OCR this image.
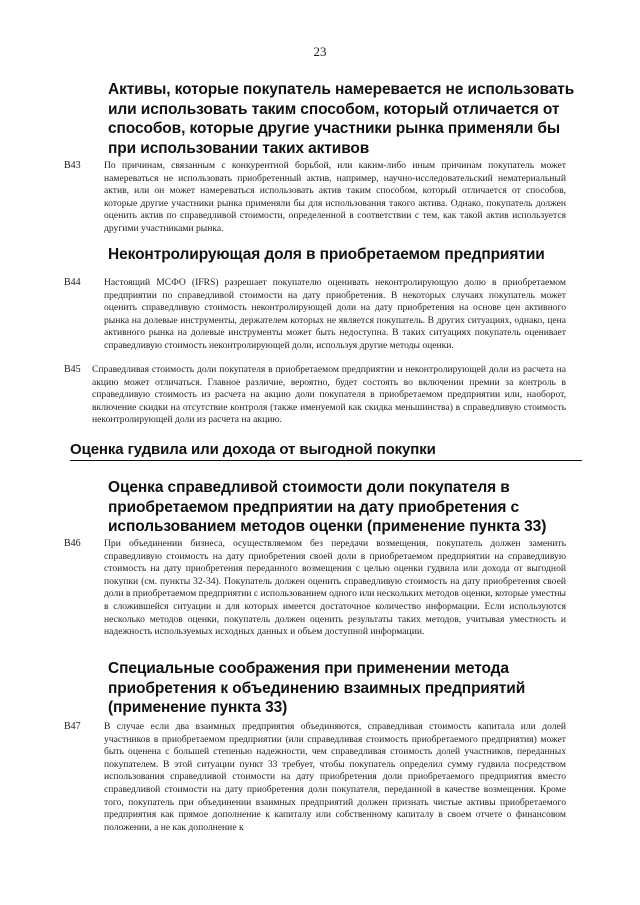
23
Активы, которые покупатель намеревается не использовать или использовать таким способом, который отличается от способов, которые другие участники рынка применяли бы при использовании таких активов
B43 По причинам, связанным с конкурентной борьбой, или каким-либо иным причинам покупатель может намереваться не использовать приобретенный актив, например, научно-исследовательский нематериальный актив, или он может намереваться использовать актив таким способом, который отличается от способов, которые другие участники рынка применяли бы для использования такого актива. Однако, покупатель должен оценить актив по справедливой стоимости, определенной в соответствии с тем, как такой актив используется другими участниками рынка.

Неконтролирующая доля в приобретаемом предприятии
B44 Настоящий МСФО (IFRS) разрешает покупателю оценивать неконтролирующую долю в приобретаемом предприятии по справедливой стоимости на дату приобретения. В некоторых случаях покупатель может оценить справедливую стоимость неконтролирующей доли на дату приобретения на основе цен активного рынка на долевые инструменты, держателем которых не является покупатель. В других ситуациях, однако, цена активного рынка на долевые инструменты может быть недоступна. В таких ситуациях покупатель оценивает справедливую стоимость неконтролирующей доли, используя другие методы оценки.

B45 Справедливая стоимость доли покупателя в приобретаемом предприятии и неконтролирующей доли из расчета на акцию может отличаться. Главное различие, вероятно, будет состоять во включении премии за контроль в справедливую стоимость из расчета на акцию доли покупателя в приобретаемом предприятии или, наоборот, включение скидки на отсутствие контроля (также именуемой как скидка меньшинства) в справедливую стоимость неконтролирующей доли из расчета на акцию.

Оценка гудвила или дохода от выгодной покупки
Оценка справедливой стоимости доли покупателя в приобретаемом предприятии на дату приобретения с использованием методов оценки (применение пункта 33)
B46 При объединении бизнеса, осуществляемом без передачи возмещения, покупатель должен заменить справедливую стоимость на дату приобретения своей доли в приобретаемом предприятии на справедливую стоимость на дату приобретения переданного возмещения с целью оценки гудвила или дохода от выгодной покупки (см. пункты 32-34). Покупатель должен оценить справедливую стоимость на дату приобретения своей доли в приобретаемом предприятии с использованием одного или нескольких методов оценки, которые уместны в сложившейся ситуации и для которых имеется достаточное количество информации. Если используются несколько методов оценки, покупатель должен оценить результаты таких методов, учитывая уместность и надежность используемых исходных данных и объем доступной информации.

Специальные соображения при применении метода приобретения к объединению взаимных предприятий (применение пункта 33)
B47 В случае если два взаимных предприятия объединяются, справедливая стоимость капитала или долей участников в приобретаемом предприятии (или справедливая стоимость приобретаемого предприятия) может быть оценена с большей степенью надежности, чем справедливая стоимость долей участников, переданных покупателем. В этой ситуации пункт 33 требует, чтобы покупатель определил сумму гудвила посредством использования справедливой стоимости на дату приобретения доли приобретаемого предприятия вместо справедливой стоимости на дату приобретения доли покупателя, переданной в качестве возмещения. Кроме того, покупатель при объединении взаимных предприятий должен признать чистые активы приобретаемого предприятия как прямое дополнение к капиталу или собственному капиталу в своем отчете о финансовом положении, а не как дополнение к
